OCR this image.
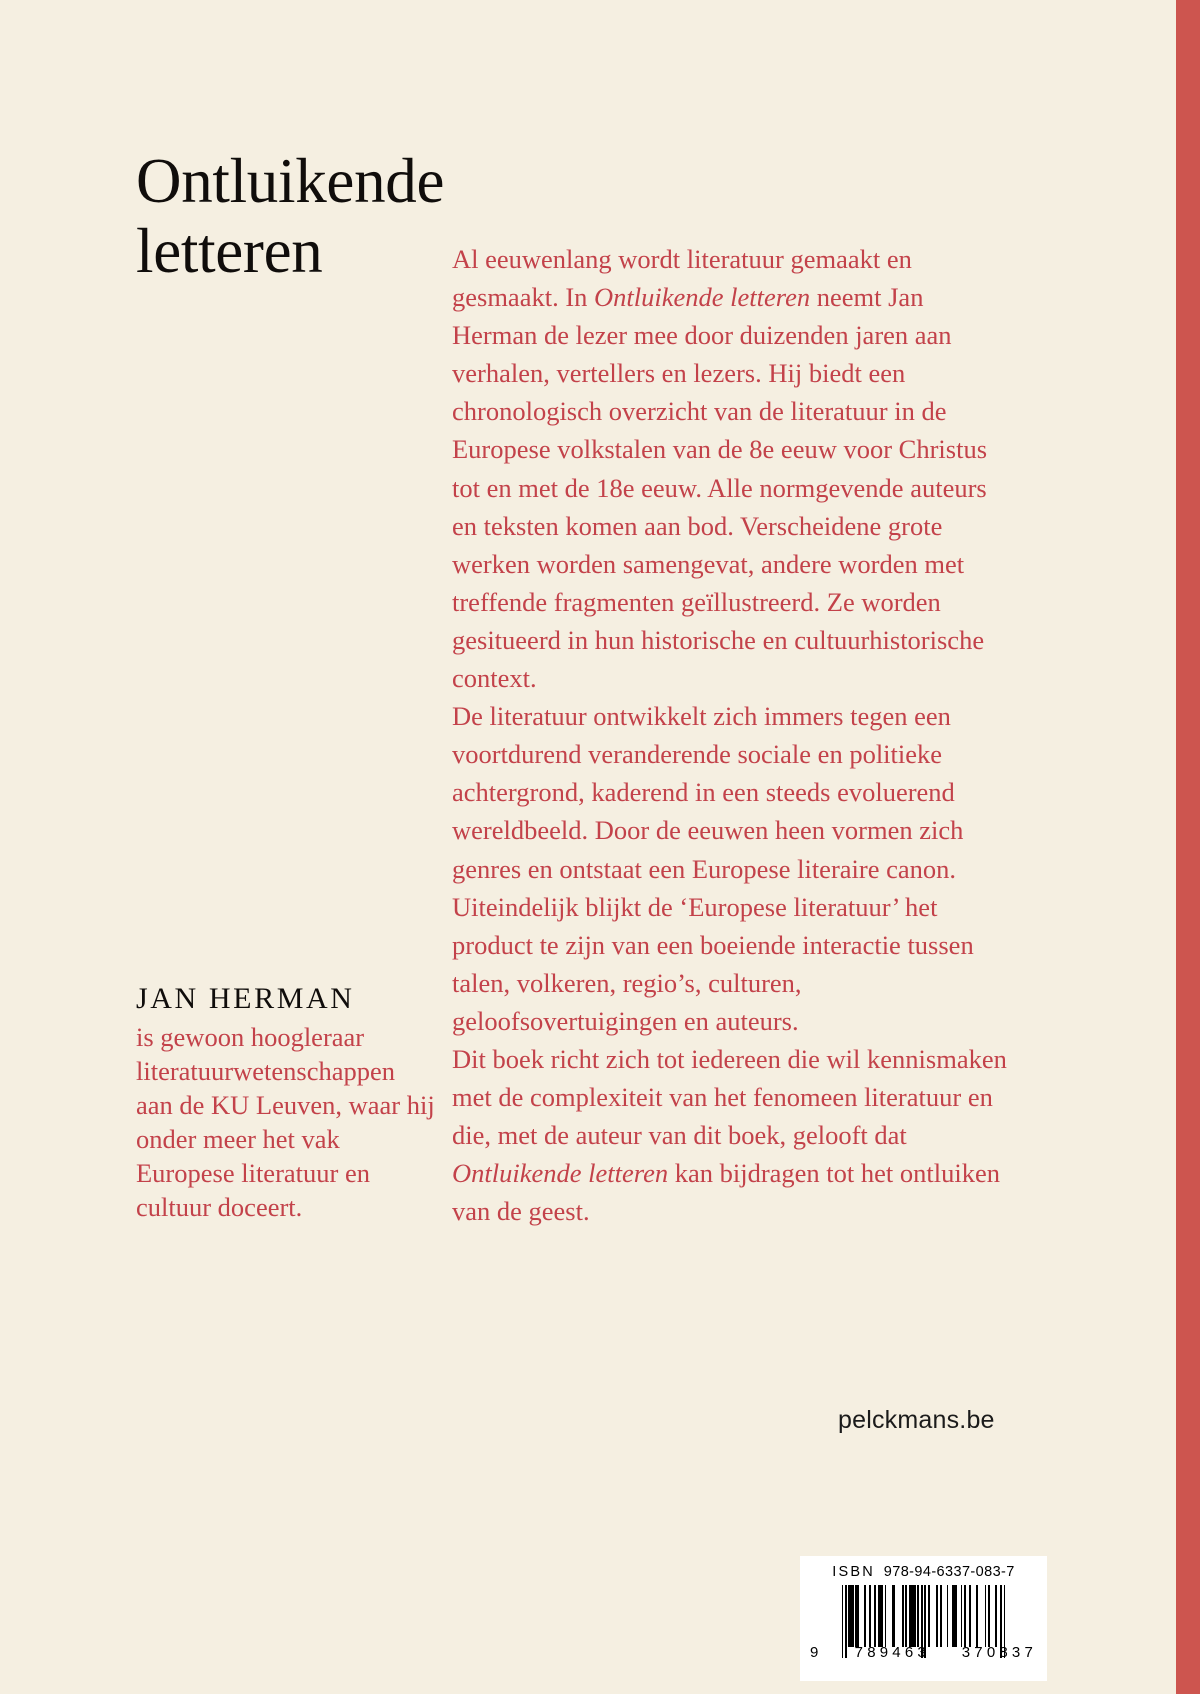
Ontluikende
letteren	Al eeuwenlang wordt literatuur gemaakt en gesmaakt. In Ontluikende letteren neemt Jan Herman de lezer mee door duizenden jaren aan verhalen, vertellers en lezers. Hij biedt een chronologisch overzicht van de literatuur in de Europese volkstalen van de 8e eeuw voor Christus tot en met de 18e eeuw. Alle normgevende auteurs en teksten komen aan bod. Verscheidene grote werken worden samengevat, andere worden met treffende fragmenten geïllustreerd. Ze worden gesitueerd in hun historische en cultuurhistorische context.

De literatuur ontwikkelt zich immers tegen een voortdurend veranderende sociale en politieke achtergrond, kaderend in een steeds evoluerend wereldbeeld. Door de eeuwen heen vormen zich genres en ontstaat een Europese literaire canon. Uiteindelijk blijkt de ‘Europese literatuur’ het product te zijn van een boeiende interactie tussen talen, volkeren, regio’s, culturen, geloofsovertuigingen en auteurs.

Dit boek richt zich tot iedereen die wil kennismaken met de complexiteit van het fenomeen literatuur en die, met de auteur van dit boek, gelooft dat Ontluikende letteren kan bijdragen tot het ontluiken van de geest.

JAN HERMAN
is gewoon hoogleraar literatuurwetenschappen aan de KU Leuven, waar hij onder meer het vak Europese literatuur en cultuur doceert.
pelckmans.be
ISBN 978-94-6337-083-7
9 789463 370837
